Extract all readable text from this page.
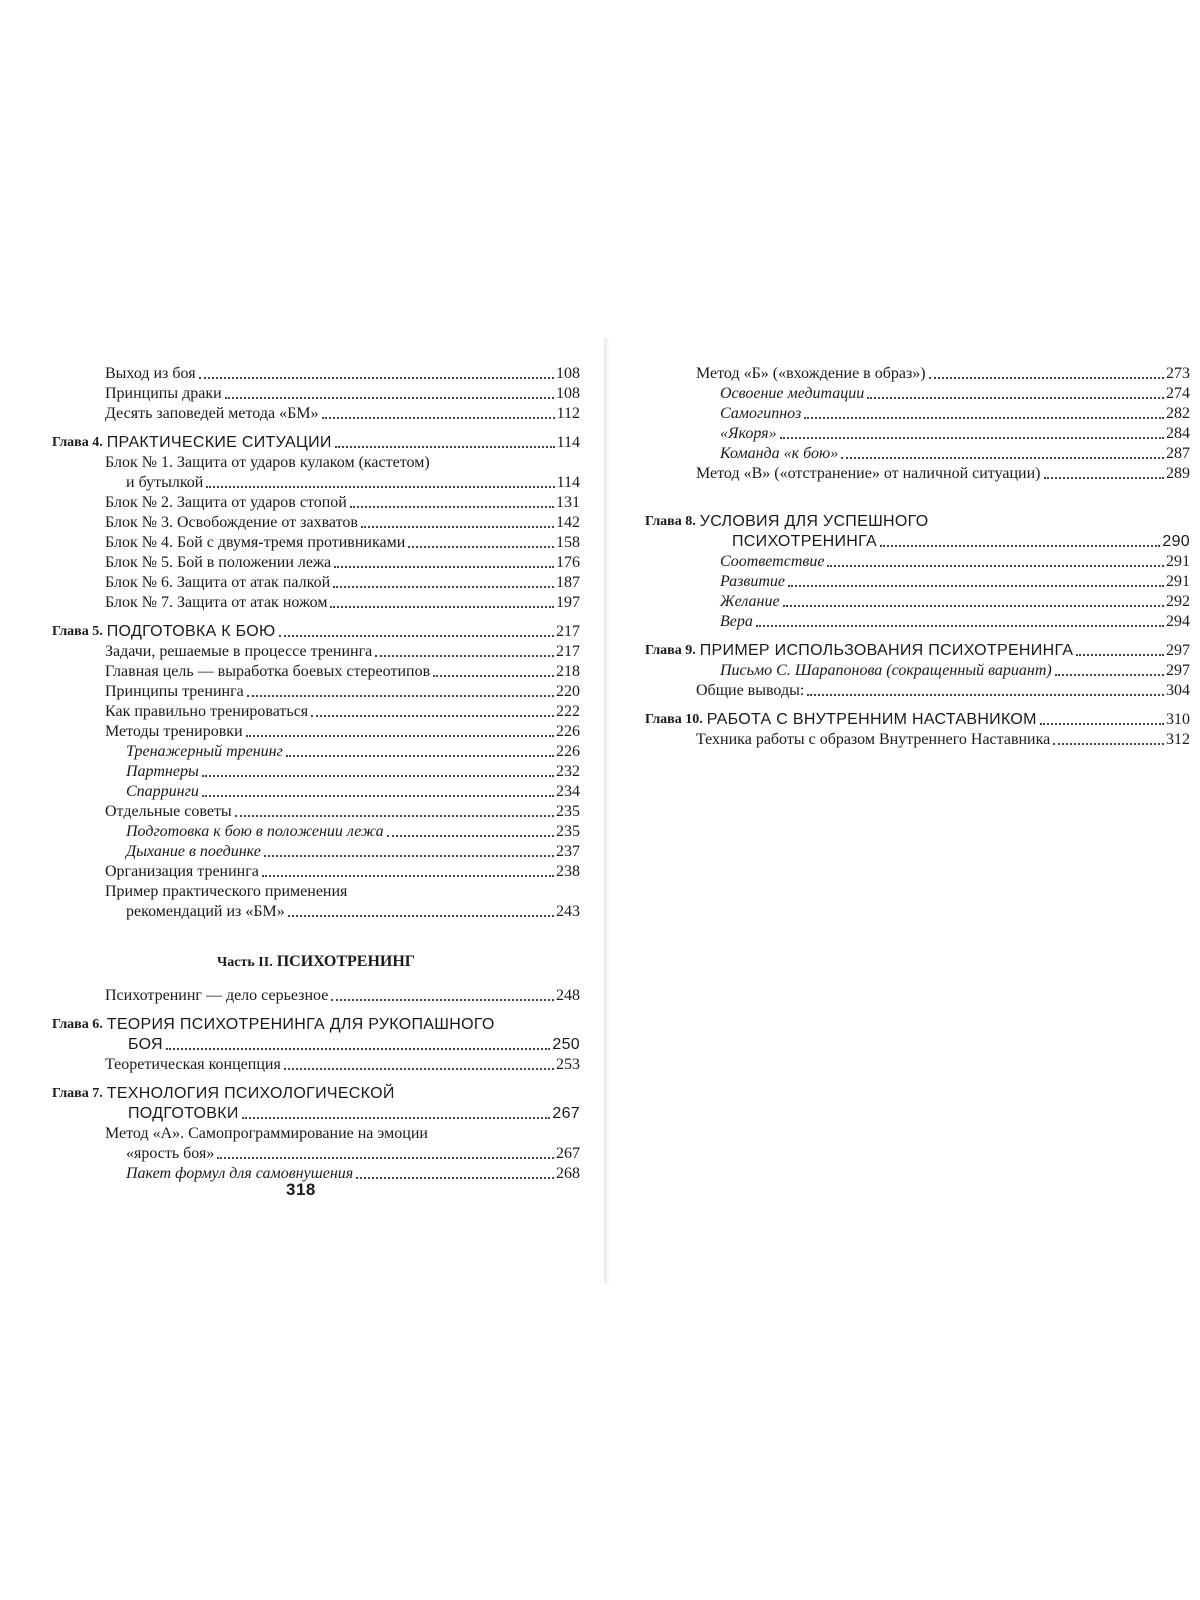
Выход из боя	108
Принципы драки	108
Десять заповедей метода «БМ»	112
Глава 4. ПРАКТИЧЕСКИЕ СИТУАЦИИ	114
Блок № 1. Защита от ударов кулаком (кастетом)
и бутылкой	114
Блок № 2. Защита от ударов стопой	131
Блок № 3. Освобождение от захватов	142
Блок № 4. Бой с двумя-тремя противниками	158
Блок № 5. Бой в положении лежа	176
Блок № 6. Защита от атак палкой	187
Блок № 7. Защита от атак ножом	197
Глава 5. ПОДГОТОВКА К БОЮ	217
Задачи, решаемые в процессе тренинга	217
Главная цель — выработка боевых стереотипов	218
Принципы тренинга	220
Как правильно тренироваться	222
Методы тренировки	226
Тренажерный тренинг	226
Партнеры	232
Спарринги	234
Отдельные советы	235
Подготовка к бою в положении лежа	235
Дыхание в поединке	237
Организация тренинга	238
Пример практического применения
рекомендаций из «БМ»	243
Часть II. ПСИХОТРЕНИНГ
Психотренинг — дело серьезное	248
Глава 6. ТЕОРИЯ ПСИХОТРЕНИНГА ДЛЯ РУКОПАШНОГО
БОЯ	250
Теоретическая концепция	253
Глава 7. ТЕХНОЛОГИЯ ПСИХОЛОГИЧЕСКОЙ
ПОДГОТОВКИ	267
Метод «А». Самопрограммирование на эмоции
«ярость боя»	267
Пакет формул для самовнушения	268
318
Метод «Б» («вхождение в образ»)	273
Освоение медитации	274
Самогипноз	282
«Якоря»	284
Команда «к бою»	287
Метод «В» («отстранение» от наличной ситуации)	289
Глава 8. УСЛОВИЯ ДЛЯ УСПЕШНОГО
ПСИХОТРЕНИНГА	290
Соответствие	291
Развитие	291
Желание	292
Вера	294
Глава 9. ПРИМЕР ИСПОЛЬЗОВАНИЯ ПСИХОТРЕНИНГА	297
Письмо С. Шарапонова (сокращенный вариант)	297
Общие выводы:	304
Глава 10. РАБОТА С ВНУТРЕННИМ НАСТАВНИКОМ	310
Техника работы с образом Внутреннего Наставника	312
